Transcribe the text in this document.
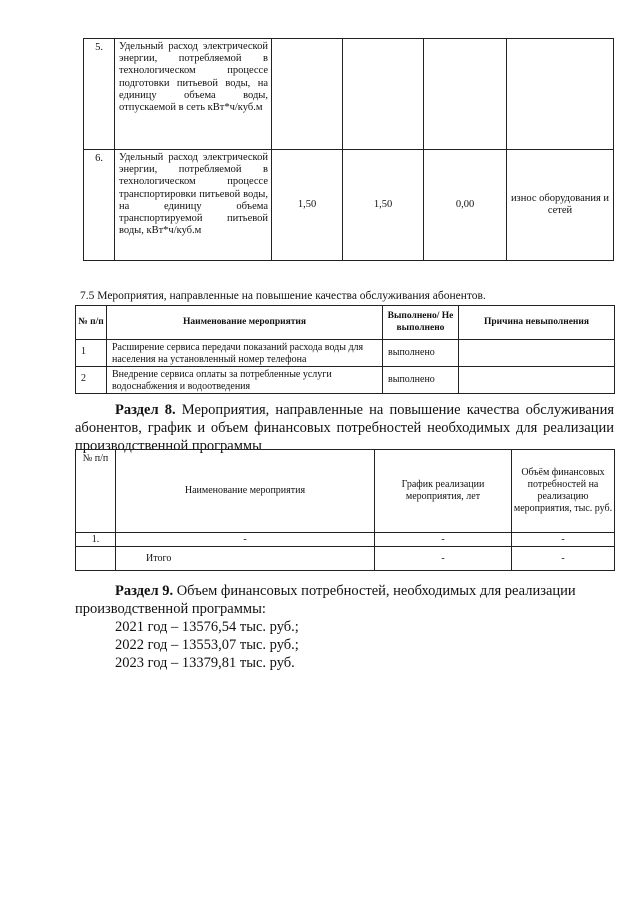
5.	Удельный расход электрической энергии, потребляемой в технологическом процессе подготовки питьевой воды, на единицу объема воды, отпускаемой в сеть кВт*ч/куб.м				
6.	Удельный расход электрической энергии, потребляемой в технологическом процессе транспортировки питьевой воды, на единицу объема транспортируемой питьевой воды, кВт*ч/куб.м	1,50	1,50	0,00	износ оборудования и сетей
7.5 Мероприятия, направленные на повышение качества обслуживания абонентов.
№ п/п	Наименование мероприятия	Выполнено/ Не выполнено	Причина невыполнения
1	Расширение сервиса передачи показаний расхода воды для населения на установленный номер телефона	выполнено	
2	Внедрение сервиса оплаты за потребленные услуги водоснабжения и водоотведения	выполнено	

Раздел 8. Мероприятия, направленные на повышение качества обслуживания абонентов, график и объем финансовых потребностей необходимых для реализации производственной программы

№ п/п	Наименование мероприятия	График реализации мероприятия, лет	Объём финансовых потребностей на реализацию мероприятия, тыс. руб.
1.	-	-	-
	Итого	-	-

Раздел 9. Объем финансовых потребностей, необходимых для реализации производственной программы:

2021 год – 13576,54 тыс. руб.;
2022 год – 13553,07 тыс. руб.;
2023 год – 13379,81 тыс. руб.
